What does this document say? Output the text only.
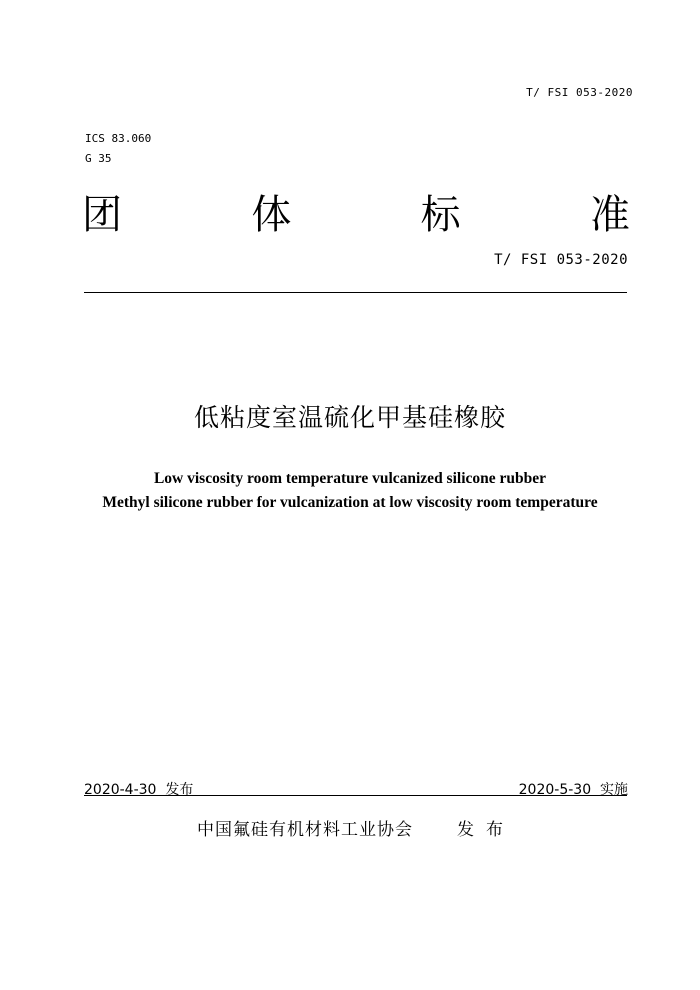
T/ FSI 053-2020
ICS 83.060
G 35
团	体	标	准
T/ FSI 053-2020
低粘度室温硫化甲基硅橡胶
Low viscosity room temperature vulcanized silicone rubber
Methyl silicone rubber for vulcanization at low viscosity room temperature
2020-4-30  发布	2020-5-30  实施
中国氟硅有机材料工业协会	发布
